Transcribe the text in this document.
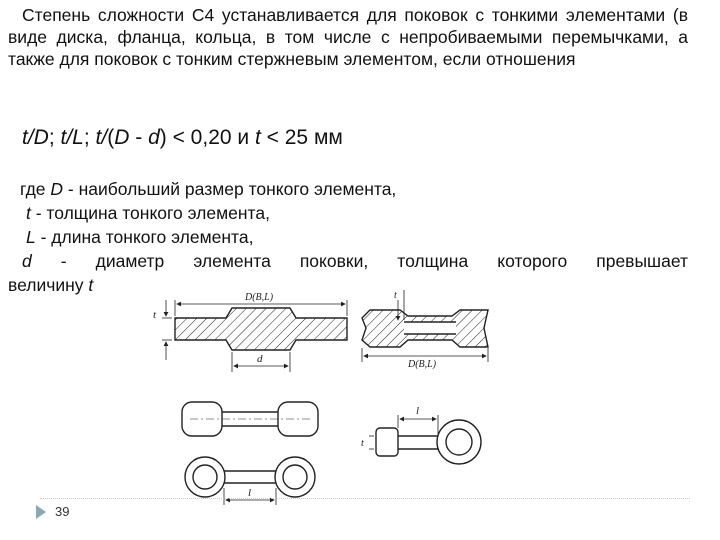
Степень сложности С4 устанавливается для поковок с тонкими элементами (в виде диска, фланца, кольца, в том числе с непробиваемыми перемычками, а также для поковок с тонким стержневым элементом, если отношения
t/D; t/L; t/(D - d) < 0,20 и t < 25 мм
где D - наибольший размер тонкого элемента,
t - толщина тонкого элемента,
L - длина тонкого элемента,
d - диаметр элемента поковки, толщина которого превышает
величину t
D(B,L)
d
t
D(B,L)
t
l
t
l
39
